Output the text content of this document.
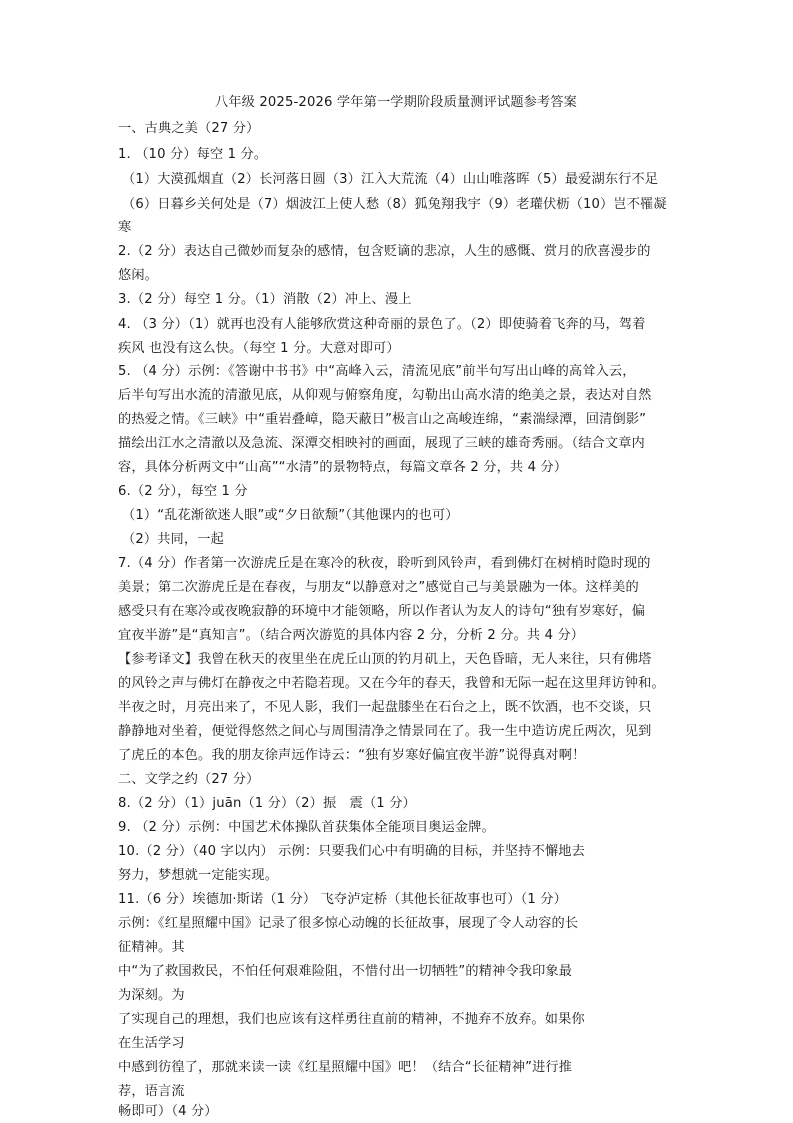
八年级 2025-2026 学年第一学期阶段质量测评试题参考答案
一、古典之美（27 分）
1. （10 分）每空 1 分。
（1）大漠孤烟直（2）长河落日圆（3）江入大荒流（4）山山唯落晖（5）最爱湖东行不足
（6）日暮乡关何处是（7）烟波江上使人愁（8）狐兔翔我宇（9）老瓘伏枥（10）岂不罹凝
寒
2.（2 分）表达自己微妙而复杂的感情，包含贬谪的悲凉，人生的感慨、赏月的欣喜漫步的
悠闲。
3.（2 分）每空 1 分。（1）消散（2）冲上、漫上
4. （3 分）（1）就再也没有人能够欣赏这种奇丽的景色了。（2）即使骑着飞奔的马，驾着
疾风 也没有这么快。（每空 1 分。大意对即可）
5. （4 分）示例：《答谢中书书》中“高峰入云，清流见底”前半句写出山峰的高耸入云，
后半句写出水流的清澈见底，从仰观与俯察角度，勾勒出山高水清的绝美之景，表达对自然
的热爱之情。《三峡》中“重岩叠嶂，隐天蔽日”极言山之高峻连绵，“素湍绿潭，回清倒影”
描绘出江水之清澈以及急流、深潭交相映衬的画面，展现了三峡的雄奇秀丽。（结合文章内
容，具体分析两文中“山高”“水清”的景物特点，每篇文章各 2 分，共 4 分）
6.（2 分），每空 1 分
（1）“乱花渐欲迷人眼”或“夕日欲颓”（其他课内的也可）
（2）共同，一起
7.（4 分）作者第一次游虎丘是在寒冷的秋夜，聆听到风铃声，看到佛灯在树梢时隐时现的
美景；第二次游虎丘是在春夜，与朋友“以静意对之”感觉自己与美景融为一体。这样美的
感受只有在寒冷或夜晚寂静的环境中才能领略，所以作者认为友人的诗句“独有岁寒好，偏
宜夜半游”是“真知言”。（结合两次游览的具体内容 2 分，分析 2 分。共 4 分）
【参考译文】我曾在秋天的夜里坐在虎丘山顶的钓月矶上，天色昏暗，无人来往，只有佛塔
的风铃之声与佛灯在静夜之中若隐若现。又在今年的春天，我曾和无际一起在这里拜访钟和。
半夜之时，月亮出来了，不见人影，我们一起盘膝坐在石台之上，既不饮酒，也不交谈，只
静静地对坐着，便觉得悠然之间心与周围清净之情景同在了。我一生中造访虎丘两次，见到
了虎丘的本色。我的朋友徐声远作诗云：“独有岁寒好偏宜夜半游”说得真对啊！
二、文学之约（27 分）
8.（2 分）（1）juān（1 分）（2）振　震（1 分）
9. （2 分）示例：中国艺术体操队首获集体全能项目奥运金牌。
10.（2 分）（40 字以内） 示例：只要我们心中有明确的目标，并坚持不懈地去
努力，梦想就一定能实现。
11.（6 分）埃德加·斯诺（1 分） 飞夺泸定桥（其他长征故事也可）（1 分）
示例：《红星照耀中国》记录了很多惊心动魄的长征故事，展现了令人动容的长
征精神。其
中“为了救国救民，不怕任何艰难险阻，不惜付出一切牺牲”的精神令我印象最
为深刻。为
了实现自己的理想，我们也应该有这样勇往直前的精神，不抛弃不放弃。如果你
在生活学习
中感到彷徨了，那就来读一读《红星照耀中国》吧！（结合“长征精神”进行推
荐，语言流
畅即可）（4 分）
